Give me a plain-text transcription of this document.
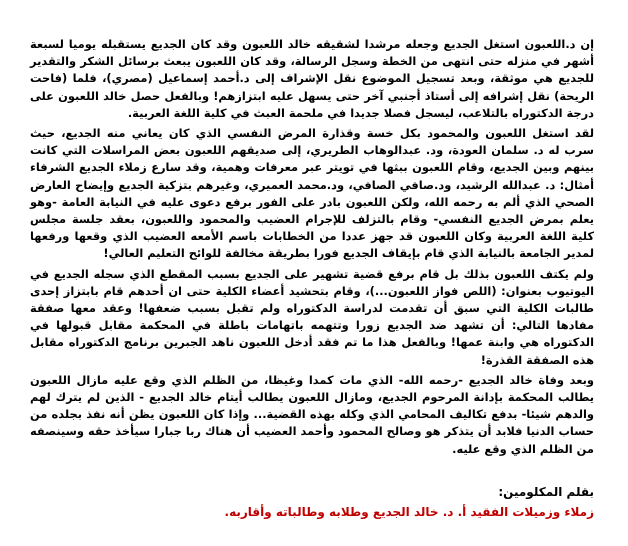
إن د.اللعبون استغل الجديع وجعله مرشدا لشقيقه خالد اللعبون وقد كان الجديع يستقبله يوميا لسبعة أشهر في منزله حتى انتهى من الخطة وسجل الرسالة، وقد كان اللعبون يبعث برسائل الشكر والتقدير للجديع هي موثقة، وبعد تسجيل الموضوع نقل الإشراف إلى د.أحمد إسماعيل (مصري)، فلما (فاحت الريحة) نقل إشرافه إلى أستاذ أجنبي آخر حتى يسهل عليه ابتزازهم! وبالفعل حصل خالد اللعبون على درجة الدكتوراه بالتلاعب، ليسجل فصلا جديدا في ملحمة العبث في كلية اللغة العربية.
لقد استغل اللعبون والمحمود بكل خسة وقذارة المرض النفسي الذي كان يعاني منه الجديع، حيث سرب له د. سلمان العودة، ود. عبدالوهاب الطريري، إلى صديقهم اللعبون بعض المراسلات التي كانت بينهم وبين الجديع، وقام اللعبون ببثها في تويتر عبر معرفات وهمية، وقد سارع زملاء الجديع الشرفاء أمثال: د. عبدالله الرشيد، ود.صافي الصافي، ود.محمد العميري، وغيرهم بتزكية الجديع وإيضاح العارض الصحي الذي ألم به رحمه الله، ولكن اللعبون بادر على الفور برفع دعوى عليه في النيابة العامة -وهو يعلم بمرض الجديع النفسي- وقام بالتزلف للإجرام العضيب والمحمود واللعبون، بعقد جلسة مجلس كلية اللغة العربية وكان اللعبون قد جهز عددا من الخطابات باسم الأمعه العضيب الذي وقعها ورفعها لمدير الجامعة بالنيابة الذي قام بإيقاف الجديع فورا بطريقة مخالفة للوائح التعليم العالي!
ولم يكتف اللعبون بذلك بل قام برفع قضية تشهير على الجديع بسبب المقطع الذي سجله الجديع في اليوتيوب بعنوان: (اللص فواز اللعبون...)، وقام بتحشيد أعضاء الكلية حتى ان أحدهم قام بابتزاز إحدى طالبات الكلية التي سبق أن تقدمت لدراسة الدكتوراه ولم تقبل بسبب ضعفها! وعقد معها صفقة مفادها التالي: أن تشهد ضد الجديع زورا وتتهمه باتهامات باطلة في المحكمة مقابل قبولها في الدكتوراه هي وابنة عمها! وبالفعل هذا ما تم فقد أدخل اللعبون ناهد الجبرين برنامج الدكتوراه مقابل هذه الصفقة القذرة!
وبعد وفاة خالد الجديع -رحمه الله- الذي مات كمدا وغيظا، من الظلم الذي وقع عليه مازال اللعبون يطالب المحكمة بإدانة المرحوم الجديع، ومازال اللعبون يطالب أيتام خالد الجديع - الذين لم يترك لهم والدهم شيئا- بدفع تكاليف المحامي الذي وكله بهذه القضية... وإذا كان اللعبون يظن أنه نفذ بجلده من حساب الدنيا فلابد أن يتذكر هو وصالح المحمود وأحمد العضيب أن هناك ربا جبارا سيأخذ حقه وسينصفه من الظلم الذي وقع عليه.
بقلم المكلومين:
زملاء وزميلات الفقيد أ. د. خالد الجديع وطلابه وطالباته وأقاربه.
